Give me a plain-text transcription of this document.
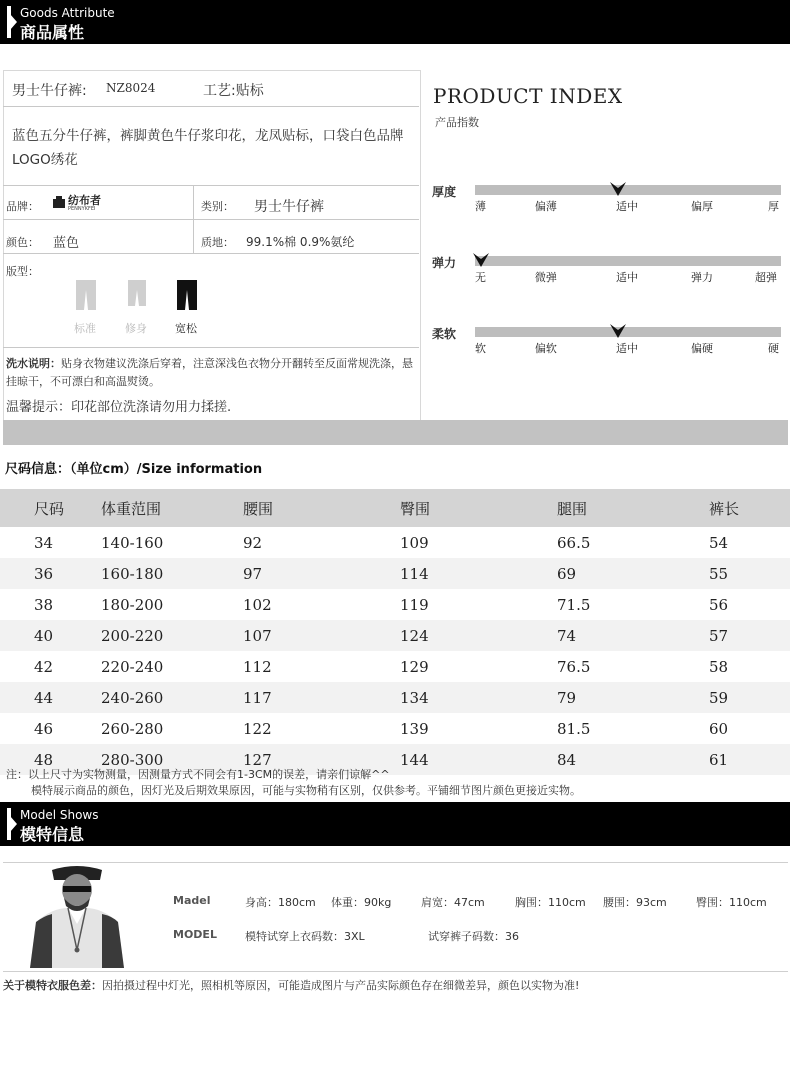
Goods Attribute
商品属性
男士牛仔裤: NZ8024	工艺:贴标
蓝色五分牛仔裤，裤脚黄色牛仔浆印花，龙凤贴标，口袋白色品牌LOGO绣花
品牌：	纺布者
PENNYKFEI	类别： 男士牛仔裤
颜色： 蓝色	质地： 99.1%棉 0.9%氨纶
版型：
标准	修身	宽松
洗水说明：贴身衣物建议洗涤后穿着，注意深浅色衣物分开翻转至反面常规洗涤，悬挂晾干，不可漂白和高温熨烫。
温馨提示：印花部位洗涤请勿用力揉搓.
PRODUCT INDEX
产品指数
厚度
薄	偏薄	适中	偏厚	厚
弹力
无	微弹	适中	弹力	超弹
柔软
软	偏软	适中	偏硬	硬
尺码信息：（单位cm）/Size information
尺码	体重范围	腰围	臀围	腿围	裤长
34	140-160	92	109	66.5	54
36	160-180	97	114	69	55
38	180-200	102	119	71.5	56
40	200-220	107	124	74	57
42	220-240	112	129	76.5	58
44	240-260	117	134	79	59
46	260-280	122	139	81.5	60
48	280-300	127	144	84	61
注：以上尺寸为实物测量，因测量方式不同会有1-3CM的误差，请亲们谅解^^
模特展示商品的颜色，因灯光及后期效果原因，可能与实物稍有区别，仅供参考。平铺细节图片颜色更接近实物。
Model Shows
模特信息
Madel	身高：180cm 体重：90kg	肩宽：47cm	胸围：110cm 腰围：93cm	臀围：110cm
MODEL	模特试穿上衣码数：3XL	试穿裤子码数：36
关于模特衣服色差：因拍摄过程中灯光，照相机等原因，可能造成图片与产品实际颜色存在细微差异，颜色以实物为准!
